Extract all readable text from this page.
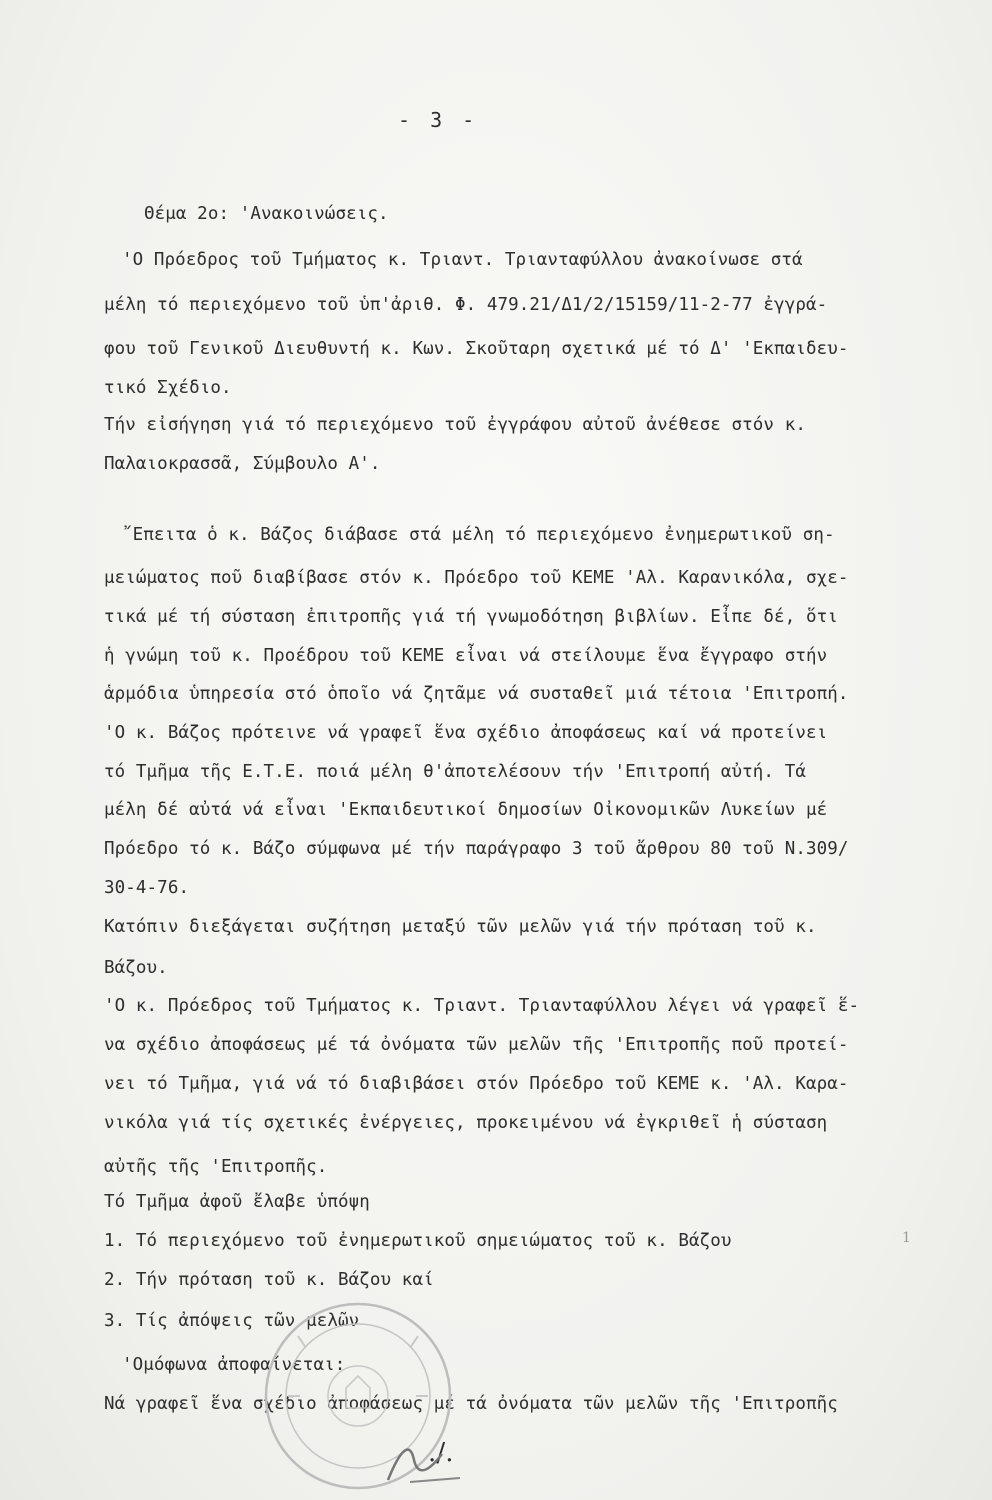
- 3 -
Θέμα 2ο: 'Ανακοινώσεις.
'Ο Πρόεδρος τοῦ Τμήματος κ. Τριαντ. Τριανταφύλλου ἀνακοίνωσε στά
μέλη τό περιεχόμενο τοῦ ὑπ'ἀριθ. Φ. 479.21/Δ1/2/15159/11-2-77 ἐγγρά-
φου τοῦ Γενικοῦ Διευθυντή κ. Κων. Σκοῦταρη σχετικά μέ τό Δ' 'Εκπαιδευ-
τικό Σχέδιο.
Τήν εἰσήγηση γιά τό περιεχόμενο τοῦ ἐγγράφου αὐτοῦ ἀνέθεσε στόν κ.
Παλαιοκρασσᾶ, Σύμβουλο Α'.
῎Επειτα ὁ κ. Βάζος διάβασε στά μέλη τό περιεχόμενο ἐνημερωτικοῦ ση-
μειώματος ποῦ διαβίβασε στόν κ. Πρόεδρο τοῦ ΚΕΜΕ 'Αλ. Καρανικόλα, σχε-
τικά μέ τή σύσταση ἐπιτροπῆς γιά τή γνωμοδότηση βιβλίων. Εἶπε δέ, ὅτι
ἡ γνώμη τοῦ κ. Προέδρου τοῦ ΚΕΜΕ εἶναι νά στείλουμε ἕνα ἔγγραφο στήν
ἁρμόδια ὑπηρεσία στό ὁποῖο νά ζητᾶμε νά συσταθεῖ μιά τέτοια 'Επιτροπή.
'Ο κ. Βάζος πρότεινε νά γραφεῖ ἕνα σχέδιο ἀποφάσεως καί νά προτείνει
τό Τμῆμα τῆς Ε.Τ.Ε. ποιά μέλη θ'ἀποτελέσουν τήν 'Επιτροπή αὐτή. Τά
μέλη δέ αὐτά νά εἶναι 'Εκπαιδευτικοί δημοσίων Οἰκονομικῶν Λυκείων μέ
Πρόεδρο τό κ. Βάζο σύμφωνα μέ τήν παράγραφο 3 τοῦ ἄρθρου 80 τοῦ Ν.309/
30-4-76.
Κατόπιν διεξάγεται συζήτηση μεταξύ τῶν μελῶν γιά τήν πρόταση τοῦ κ.
Βάζου.
'Ο κ. Πρόεδρος τοῦ Τμήματος κ. Τριαντ. Τριανταφύλλου λέγει νά γραφεῖ ἕ-
να σχέδιο ἀποφάσεως μέ τά ὀνόματα τῶν μελῶν τῆς 'Επιτροπῆς ποῦ προτεί-
νει τό Τμῆμα, γιά νά τό διαβιβάσει στόν Πρόεδρο τοῦ ΚΕΜΕ κ. 'Αλ. Καρα-
νικόλα γιά τίς σχετικές ἐνέργειες, προκειμένου νά ἐγκριθεῖ ἡ σύσταση
αὐτῆς τῆς 'Επιτροπῆς.
Τό Τμῆμα ἀφοῦ ἔλαβε ὑπόψη
1. Τό περιεχόμενο τοῦ ἐνημερωτικοῦ σημειώματος τοῦ κ. Βάζου
2. Τήν πρόταση τοῦ κ. Βάζου καί
3. Τίς ἀπόψεις τῶν μελῶν
'Ομόφωνα ἀποφαίνεται:
Νά γραφεῖ ἕνα σχέδιο ἀποφάσεως μέ τά ὀνόματα τῶν μελῶν τῆς 'Επιτροπῆς
1
./.
